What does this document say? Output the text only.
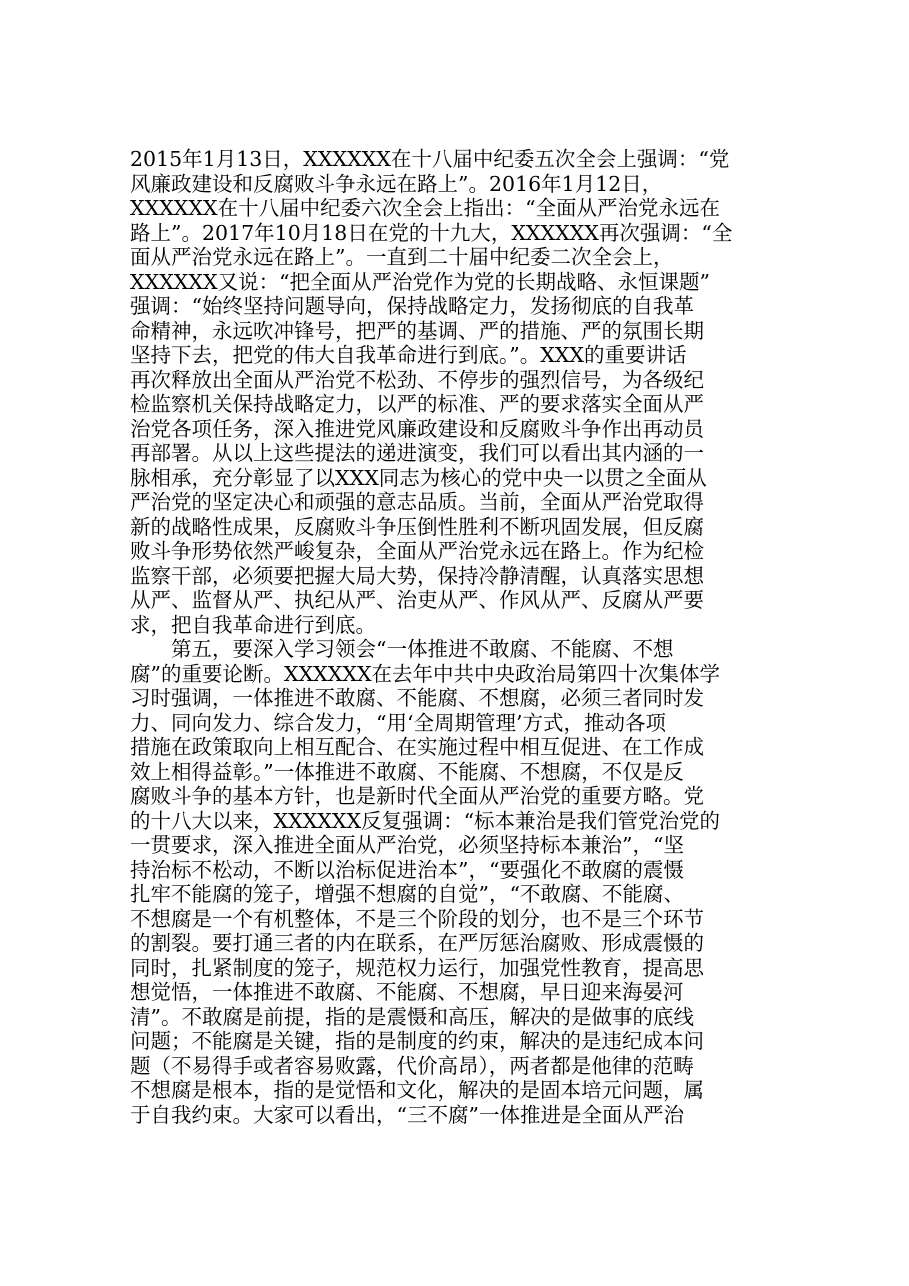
2015年1月13日，XXXXXX在十八届中纪委五次全会上强调：“党
风廉政建设和反腐败斗争永远在路上”。2016年1月12日，
XXXXXX在十八届中纪委六次全会上指出：“全面从严治党永远在
路上”。2017年10月18日在党的十九大，XXXXXX再次强调：“全
面从严治党永远在路上”。一直到二十届中纪委二次全会上，
XXXXXX又说：“把全面从严治党作为党的长期战略、永恒课题”
强调：“始终坚持问题导向，保持战略定力，发扬彻底的自我革
命精神，永远吹冲锋号，把严的基调、严的措施、严的氛围长期
坚持下去，把党的伟大自我革命进行到底。”。XXX的重要讲话
再次释放出全面从严治党不松劲、不停步的强烈信号，为各级纪
检监察机关保持战略定力，以严的标准、严的要求落实全面从严
治党各项任务，深入推进党风廉政建设和反腐败斗争作出再动员
再部署。从以上这些提法的递进演变，我们可以看出其内涵的一
脉相承，充分彰显了以XXX同志为核心的党中央一以贯之全面从
严治党的坚定决心和顽强的意志品质。当前，全面从严治党取得
新的战略性成果，反腐败斗争压倒性胜利不断巩固发展，但反腐
败斗争形势依然严峻复杂，全面从严治党永远在路上。作为纪检
监察干部，必须要把握大局大势，保持冷静清醒，认真落实思想
从严、监督从严、执纪从严、治吏从严、作风从严、反腐从严要
求，把自我革命进行到底。
　　第五，要深入学习领会“一体推进不敢腐、不能腐、不想
腐”的重要论断。XXXXXX在去年中共中央政治局第四十次集体学
习时强调，一体推进不敢腐、不能腐、不想腐，必须三者同时发
力、同向发力、综合发力，“用‘全周期管理’方式，推动各项
措施在政策取向上相互配合、在实施过程中相互促进、在工作成
效上相得益彰。”一体推进不敢腐、不能腐、不想腐，不仅是反
腐败斗争的基本方针，也是新时代全面从严治党的重要方略。党
的十八大以来，XXXXXX反复强调：“标本兼治是我们管党治党的
一贯要求，深入推进全面从严治党，必须坚持标本兼治”，“坚
持治标不松动，不断以治标促进治本”，“要强化不敢腐的震慑
扎牢不能腐的笼子，增强不想腐的自觉”，“不敢腐、不能腐、
不想腐是一个有机整体，不是三个阶段的划分，也不是三个环节
的割裂。要打通三者的内在联系，在严厉惩治腐败、形成震慑的
同时，扎紧制度的笼子，规范权力运行，加强党性教育，提高思
想觉悟，一体推进不敢腐、不能腐、不想腐，早日迎来海晏河
清”。不敢腐是前提，指的是震慑和高压，解决的是做事的底线
问题；不能腐是关键，指的是制度的约束，解决的是违纪成本问
题（不易得手或者容易败露，代价高昂），两者都是他律的范畴
不想腐是根本，指的是觉悟和文化，解决的是固本培元问题，属
于自我约束。大家可以看出，“三不腐”一体推进是全面从严治
